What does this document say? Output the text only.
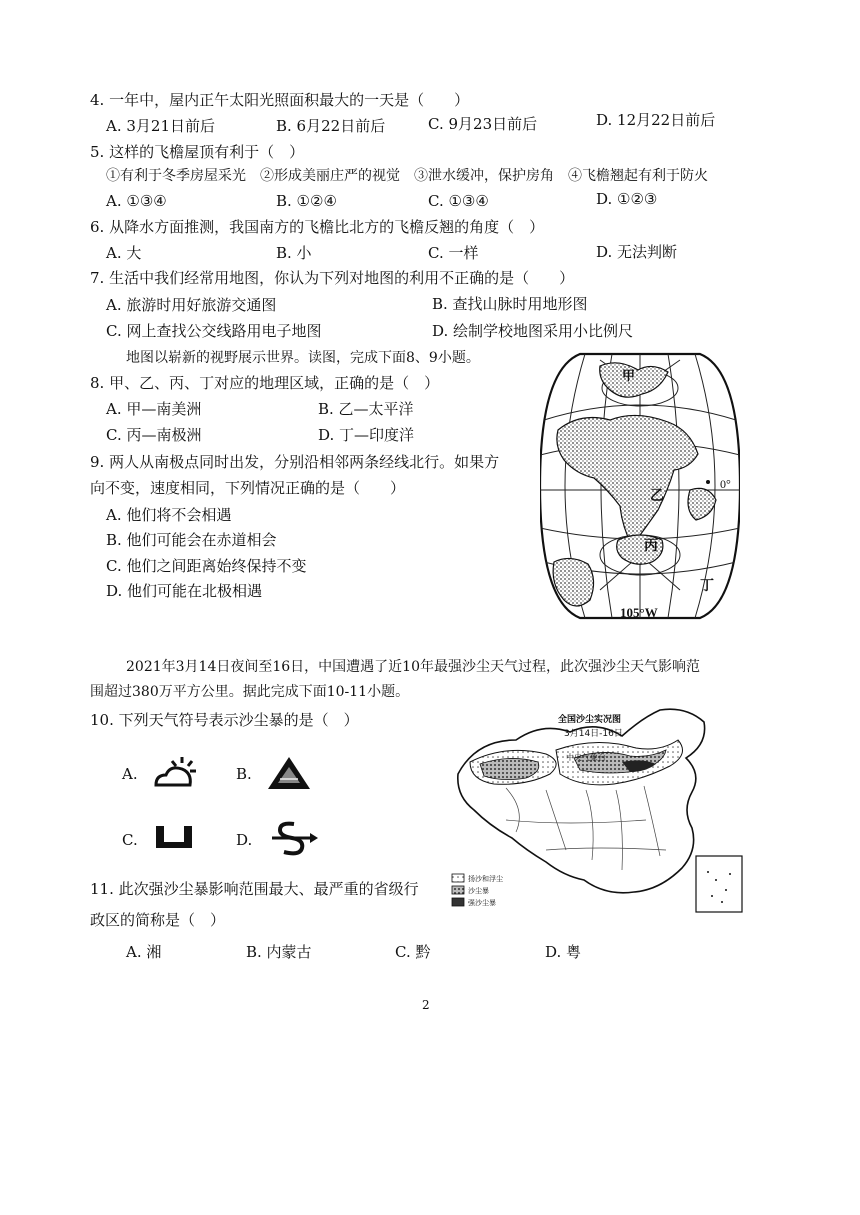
4. 一年中，屋内正午太阳光照面积最大的一天是（　　）
A. 3月21日前后	B. 6月22日前后	C. 9月23日前后	D. 12月22日前后
5. 这样的飞檐屋顶有利于（　）
①有利于冬季房屋采光　②形成美丽庄严的视觉　③泄水缓冲，保护房角　④飞檐翘起有利于防火
A. ①③④	B. ①②④	C. ①③④	D. ①②③
6. 从降水方面推测，我国南方的飞檐比北方的飞檐反翘的角度（　）
A. 大	B. 小	C. 一样	D. 无法判断
7. 生活中我们经常用地图，你认为下列对地图的利用不正确的是（　　）
A. 旅游时用好旅游交通图	B. 查找山脉时用地形图
C. 网上查找公交线路用电子地图	D. 绘制学校地图采用小比例尺
地图以崭新的视野展示世界。读图，完成下面8、9小题。
8. 甲、乙、丙、丁对应的地理区域，正确的是（　）
A. 甲—南美洲	B. 乙—太平洋
C. 丙—南极洲	D. 丁—印度洋
9. 两人从南极点同时出发，分别沿相邻两条经线北行。如果方
向不变，速度相同，下列情况正确的是（　　）
A. 他们将不会相遇
B. 他们可能会在赤道相会
C. 他们之间距离始终保持不变
D. 他们可能在北极相遇
甲
乙
丙
丁
0°
105°W
2021年3月14日夜间至16日，中国遭遇了近10年最强沙尘天气过程，此次强沙尘天气影响范
围超过380万平方公里。据此完成下面10-11小题。
10. 下列天气符号表示沙尘暴的是（　）
A.	B.
C.	D.
11. 此次强沙尘暴影响范围最大、最严重的省级行
政区的简称是（　）
A. 湘	B. 内蒙古	C. 黔	D. 粤
扬沙和浮尘
沙尘暴
强沙尘暴
全国沙尘实况图
3月14日-16日
中央气象台
2
